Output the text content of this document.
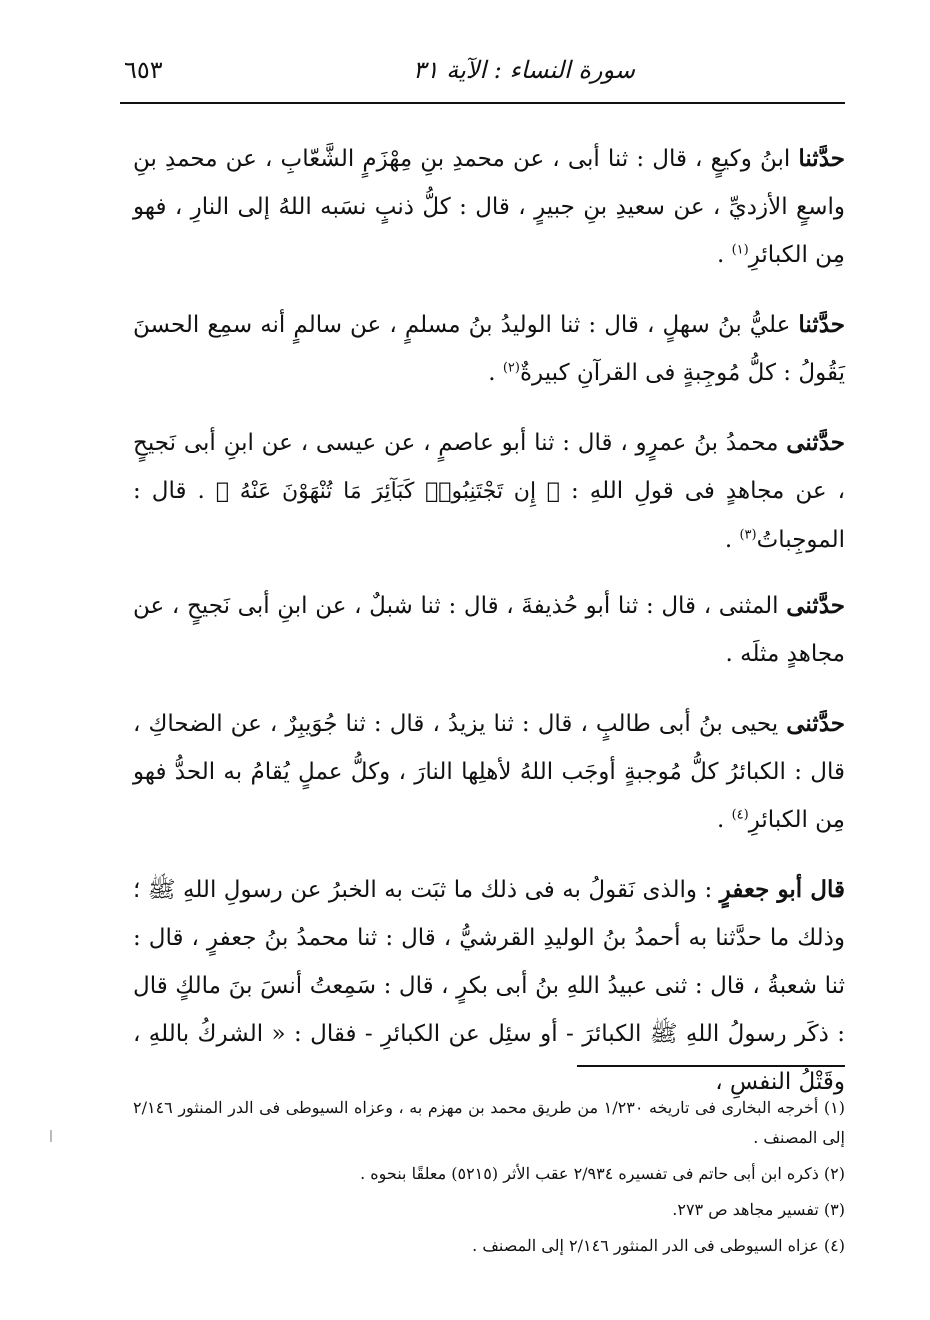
سورة النساء : الآية ٣١
٦٥٣

حدَّثنا ابنُ وكيعٍ ، قال : ثنا أبى ، عن محمدِ بنِ مِهْزَمٍ الشَّعّابِ ، عن محمدِ بنِ واسعٍ الأزديِّ ، عن سعيدِ بنِ جبيرٍ ، قال : كلُّ ذنبٍ نسَبه اللهُ إلى النارِ ، فهو مِن الكبائرِ$^{(١)}$ .

حدَّثنا عليُّ بنُ سهلٍ ، قال : ثنا الوليدُ بنُ مسلمٍ ، عن سالمٍ أنه سمِع الحسنَ يَقُولُ : كلُّ مُوجِبةٍ فى القرآنِ كبيرةٌ$^{(٢)}$ .

حدَّثنى محمدُ بنُ عمرٍو ، قال : ثنا أبو عاصمٍ ، عن عيسى ، عن ابنِ أبى نَجيحٍ ، عن مجاهدٍ فى قولِ اللهِ : ﴿ إِن تَجْتَنِبُوا۟ كَبَآئِرَ مَا تُنْهَوْنَ عَنْهُ ﴾ . قال : الموجِباتُ$^{(٣)}$ .

حدَّثنى المثنى ، قال : ثنا أبو حُذيفةَ ، قال : ثنا شبلٌ ، عن ابنِ أبى نَجيحٍ ، عن مجاهدٍ مثلَه .

حدَّثنى يحيى بنُ أبى طالبٍ ، قال : ثنا يزيدُ ، قال : ثنا جُوَيبِرٌ ، عن الضحاكِ ، قال : الكبائرُ كلُّ مُوجبةٍ أوجَب اللهُ لأهلِها النارَ ، وكلُّ عملٍ يُقامُ به الحدُّ فهو مِن الكبائرِ$^{(٤)}$ .

قال أبو جعفرٍ : والذى نَقولُ به فى ذلك ما ثبَت به الخبرُ عن رسولِ اللهِ ﷺ ؛ وذلك ما حدَّثنا به أحمدُ بنُ الوليدِ القرشيُّ ، قال : ثنا محمدُ بنُ جعفرٍ ، قال : ثنا شعبةُ ، قال : ثنى عبيدُ اللهِ بنُ أبى بكرٍ ، قال : سَمِعتُ أنسَ بنَ مالكٍ قال : ذكَر رسولُ اللهِ ﷺ الكبائرَ - أو سئِل عن الكبائرِ - فقال : « الشركُ باللهِ ، وقَتْلُ النفسِ ،

(١) أخرجه البخارى فى تاريخه ١/٢٣٠ من طريق محمد بن مهزم به ، وعزاه السيوطى فى الدر المنثور ٢/١٤٦ إلى المصنف .

(٢) ذكره ابن أبى حاتم فى تفسيره ٢/٩٣٤ عقب الأثر (٥٢١٥) معلقًا بنحوه .

(٣) تفسير مجاهد ص ٢٧٣.

(٤) عزاه السيوطى فى الدر المنثور ٢/١٤٦ إلى المصنف .
